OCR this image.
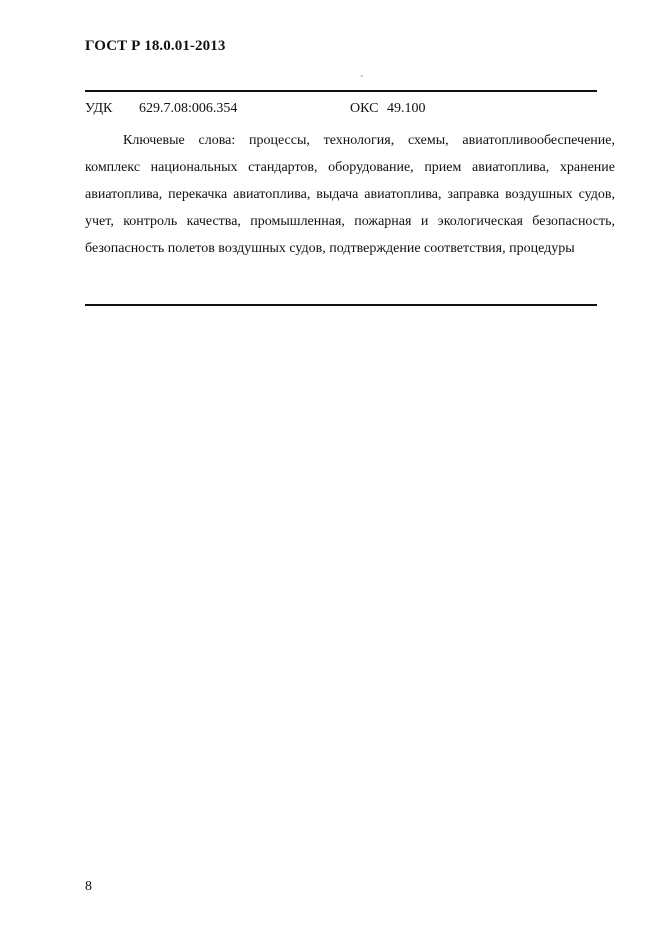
ГОСТ Р 18.0.01-2013
`
УДК 629.7.08:006.354	ОКС 49.100

Ключевые слова: процессы, технология, схемы, авиатопливообеспечение, комплекс национальных стандартов, оборудование, прием авиатоплива, хранение авиатоплива, перекачка авиатоплива, выдача авиатоплива, заправка воздушных судов, учет, контроль качества, промышленная, пожарная и экологическая безопасность, безопасность полетов воздушных судов, подтверждение соответствия, процедуры

8
